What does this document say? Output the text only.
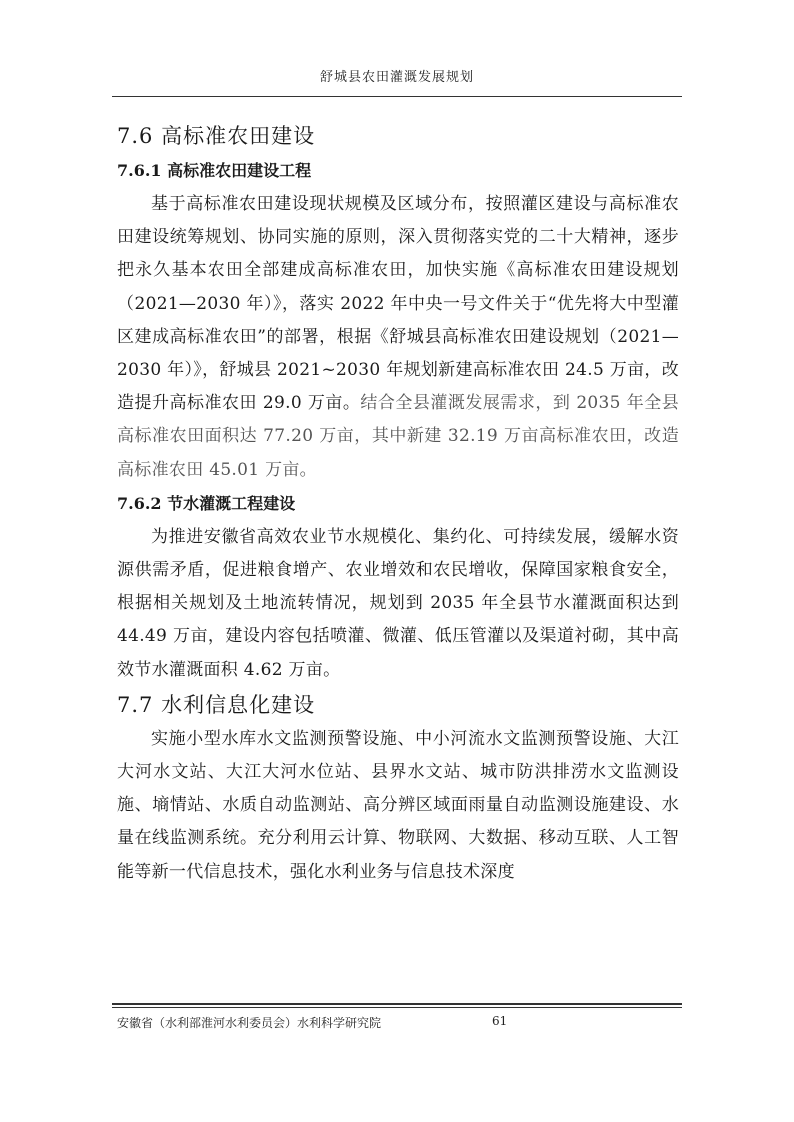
舒城县农田灌溉发展规划
7.6 高标准农田建设
7.6.1 高标准农田建设工程

基于高标准农田建设现状规模及区域分布，按照灌区建设与高标准农田建设统筹规划、协同实施的原则，深入贯彻落实党的二十大精神，逐步把永久基本农田全部建成高标准农田，加快实施《高标准农田建设规划（2021—2030 年）》，落实 2022 年中央一号文件关于“优先将大中型灌区建成高标准农田”的部署，根据《舒城县高标准农田建设规划（2021—2030 年）》，舒城县 2021~2030 年规划新建高标准农田 24.5 万亩，改造提升高标准农田 29.0 万亩。结合全县灌溉发展需求，到 2035 年全县高标准农田面积达 77.20 万亩，其中新建 32.19 万亩高标准农田，改造高标准农田 45.01 万亩。

7.6.2 节水灌溉工程建设

为推进安徽省高效农业节水规模化、集约化、可持续发展，缓解水资源供需矛盾，促进粮食增产、农业增效和农民增收，保障国家粮食安全，根据相关规划及土地流转情况，规划到 2035 年全县节水灌溉面积达到 44.49 万亩，建设内容包括喷灌、微灌、低压管灌以及渠道衬砌，其中高效节水灌溉面积 4.62 万亩。

7.7 水利信息化建设

实施小型水库水文监测预警设施、中小河流水文监测预警设施、大江大河水文站、大江大河水位站、县界水文站、城市防洪排涝水文监测设施、墒情站、水质自动监测站、高分辨区域面雨量自动监测设施建设、水量在线监测系统。充分利用云计算、物联网、大数据、移动互联、人工智能等新一代信息技术，强化水利业务与信息技术深度

安徽省（水利部淮河水利委员会）水利科学研究院	61
